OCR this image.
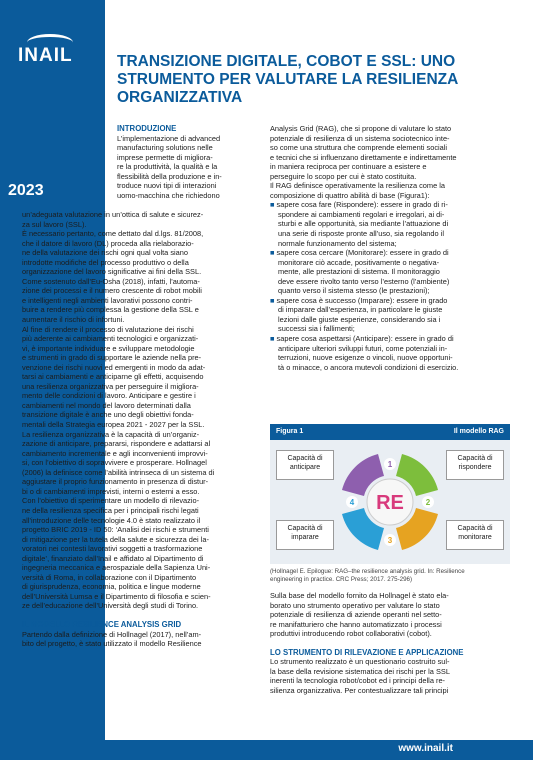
INAIL
2023
TRANSIZIONE DIGITALE, COBOT E SSL: UNO
STRUMENTO PER VALUTARE LA RESILIENZA
ORGANIZZATIVA

INTRODUZIONE

L’implementazione di advanced

manufacturing solutions nelle

imprese permette di migliora-

re la produttività, la qualità e la

flessibilità della produzione e in-

troduce nuovi tipi di interazioni

uomo-macchina che richiedono

un’adeguata valutazione in un’ottica di salute e sicurez-

za sul lavoro (SSL).

È necessario pertanto, come dettato dal d.lgs. 81/2008,

che il datore di lavoro (DL) proceda alla rielaborazio-

ne della valutazione dei rischi ogni qual volta siano

introdotte modifiche del processo produttivo o della

organizzazione del lavoro significative ai fini della SSL.

Come sostenuto dall’Eu-Osha (2018), infatti, l’automa-

zione dei processi e il numero crescente di robot mobili

e intelligenti negli ambienti lavorativi possono contri-

buire a rendere più complessa la gestione della SSL e

aumentare il rischio di infortuni.

Al fine di rendere il processo di valutazione dei rischi

più aderente ai cambiamenti tecnologici e organizzati-

vi, è importante individuare e sviluppare metodologie

e strumenti in grado di supportare le aziende nella pre-

venzione dei rischi nuovi ed emergenti in modo da adat-

tarsi ai cambiamenti e anticiparne gli effetti, acquisendo

una resilienza organizzativa per perseguire il migliora-

mento delle condizioni di lavoro. Anticipare e gestire i

cambiamenti nel mondo del lavoro determinati dalla

transizione digitale è anche uno degli obiettivi fonda-

mentali della Strategia europea 2021 - 2027 per la SSL.

La resilienza organizzativa è la capacità di un’organiz-

zazione di anticipare, prepararsi, rispondere e adattarsi al

cambiamento incrementale e agli inconvenienti improvvi-

si, con l’obiettivo di sopravvivere e prosperare. Hollnagel

(2006) la definisce come l’abilità intrinseca di un sistema di

aggiustare il proprio funzionamento in presenza di distur-

bi o di cambiamenti imprevisti, interni o esterni a esso.

Con l’obiettivo di sperimentare un modello di rilevazio-

ne della resilienza specifica per i principali rischi legati

all’introduzione delle tecnologie 4.0 è stato realizzato il

progetto BRIC 2019 - ID 50: ‘Analisi dei rischi e strumenti

di mitigazione per la tutela della salute e sicurezza dei la-

voratori nei contesti lavorativi soggetti a trasformazione

digitale’, finanziato dall’Inail e affidato al Dipartimento di

ingegneria meccanica e aerospaziale della Sapienza Uni-

versità di Roma, in collaborazione con il Dipartimento

di giurisprudenza, economia, politica e lingue moderne

dell’Università Lumsa e il Dipartimento di filosofia e scien-

ze dell’educazione dell’Università degli studi di Torino.

IL MODELLO RESILIENCE ANALYSIS GRID

Partendo dalla definizione di Hollnagel (2017), nell’am-

bito del progetto, è stato utilizzato il modello Resilience

Analysis Grid (RAG), che si propone di valutare lo stato

potenziale di resilienza di un sistema sociotecnico inte-

so come una struttura che comprende elementi sociali

e tecnici che si influenzano direttamente e indirettamente

in maniera reciproca per continuare a esistere e

perseguire lo scopo per cui è stato costituita.

Il RAG definisce operativamente la resilienza come la

composizione di quattro abilità di base (Figura1):

■ sapere cosa fare (Rispondere): essere in grado di ri-

spondere ai cambiamenti regolari e irregolari, ai di-

sturbi e alle opportunità, sia mediante l’attuazione di

una serie di risposte pronte all’uso, sia regolando il

normale funzionamento del sistema;

■ sapere cosa cercare (Monitorare): essere in grado di

monitorare ciò accade, positivamente o negativa-

mente, alle prestazioni di sistema. Il monitoraggio

deve essere rivolto tanto verso l’esterno (l’ambiente)

quanto verso il sistema stesso (le prestazioni);

■ sapere cosa è successo (Imparare): essere in grado

di imparare dall’esperienza, in particolare le giuste

lezioni dalle giuste esperienze, considerando sia i

successi sia i fallimenti;

■ sapere cosa aspettarsi (Anticipare): essere in grado di

anticipare ulteriori sviluppi futuri, come potenziali in-

terruzioni, nuove esigenze o vincoli, nuove opportuni-

tà o minacce, o ancora mutevoli condizioni di esercizio.

Figura 1	Il modello RAG
RE
1
2
3
4
Capacità di anticipare
Capacità di rispondere
Capacità di imparare
Capacità di monitorare

(Hollnagel E. Epilogue: RAG–the resilience analysis grid. In: Resilience

engineering in practice. CRC Press; 2017. 275-296)

Sulla base del modello fornito da Hollnagel è stato ela-

borato uno strumento operativo per valutare lo stato

potenziale di resilienza di aziende operanti nel setto-

re manifatturiero che hanno automatizzato i processi

produttivi introducendo robot collaborativi (cobot).

LO STRUMENTO DI RILEVAZIONE E APPLICAZIONE

Lo strumento realizzato è un questionario costruito sul-

la base della revisione sistematica dei rischi per la SSL

inerenti la tecnologia robot/cobot ed i principi della re-

silienza organizzativa. Per contestualizzare tali principi

www.inail.it
